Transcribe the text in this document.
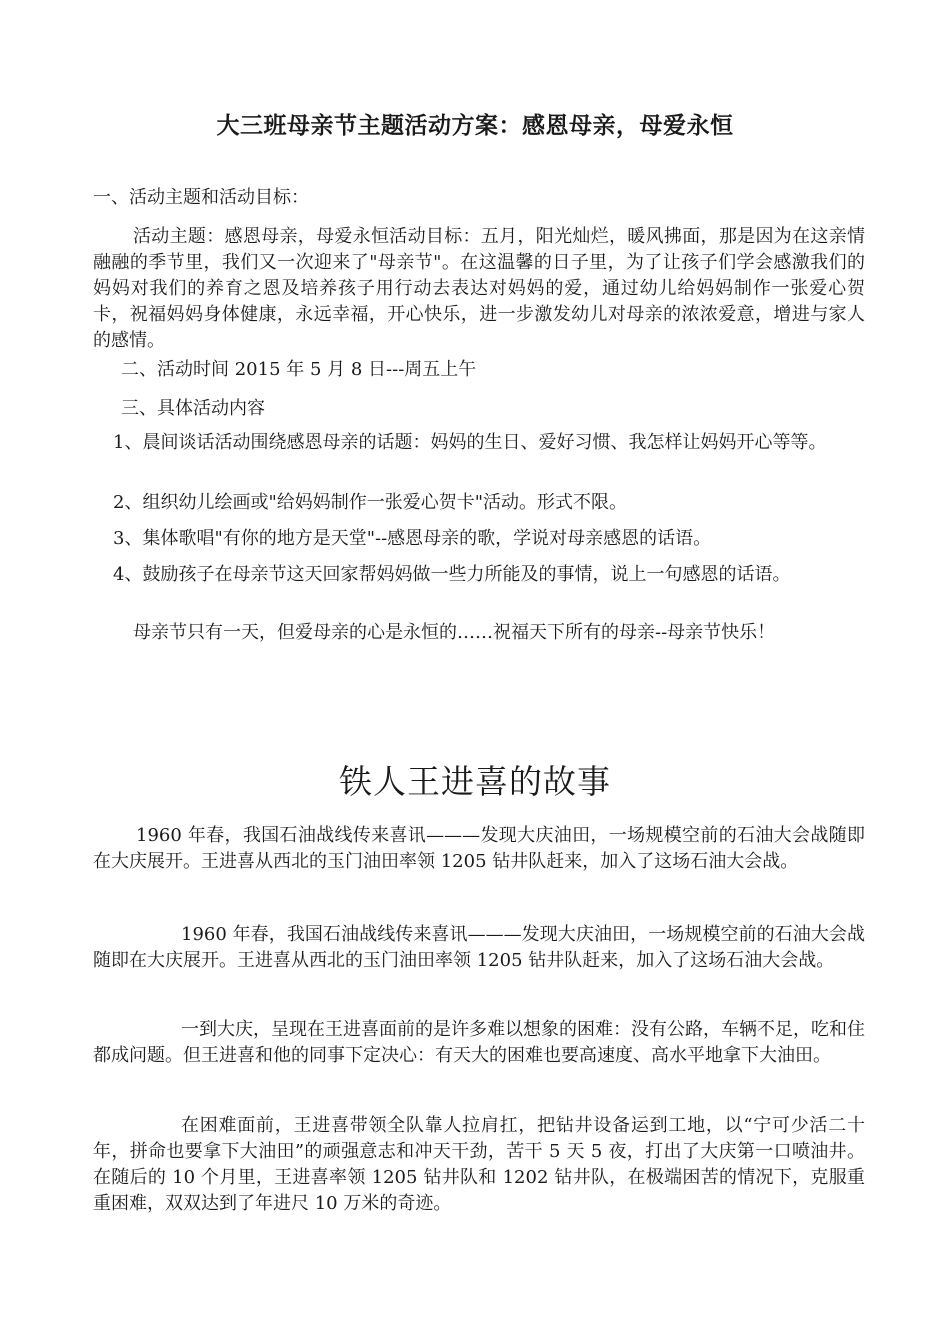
大三班母亲节主题活动方案：感恩母亲，母爱永恒

一、活动主题和活动目标：

活动主题：感恩母亲，母爱永恒活动目标：五月，阳光灿烂，暖风拂面，那是因为在这亲情融融的季节里，我们又一次迎来了"母亲节"。在这温馨的日子里，为了让孩子们学会感激我们的妈妈对我们的养育之恩及培养孩子用行动去表达对妈妈的爱，通过幼儿给妈妈制作一张爱心贺卡，祝福妈妈身体健康，永远幸福，开心快乐，进一步激发幼儿对母亲的浓浓爱意，增进与家人的感情。

二、活动时间 2015 年 5 月 8 日---周五上午

三、具体活动内容

1、晨间谈话活动围绕感恩母亲的话题：妈妈的生日、爱好习惯、我怎样让妈妈开心等等。

2、组织幼儿绘画或"给妈妈制作一张爱心贺卡"活动。形式不限。

3、集体歌唱"有你的地方是天堂"--感恩母亲的歌，学说对母亲感恩的话语。

4、鼓励孩子在母亲节这天回家帮妈妈做一些力所能及的事情，说上一句感恩的话语。

母亲节只有一天，但爱母亲的心是永恒的……祝福天下所有的母亲--母亲节快乐！

铁人王进喜的故事

1960 年春，我国石油战线传来喜讯———发现大庆油田，一场规模空前的石油大会战随即在大庆展开。王进喜从西北的玉门油田率领 1205 钻井队赶来，加入了这场石油大会战。

1960 年春，我国石油战线传来喜讯———发现大庆油田，一场规模空前的石油大会战随即在大庆展开。王进喜从西北的玉门油田率领 1205 钻井队赶来，加入了这场石油大会战。

一到大庆，呈现在王进喜面前的是许多难以想象的困难：没有公路，车辆不足，吃和住都成问题。但王进喜和他的同事下定决心：有天大的困难也要高速度、高水平地拿下大油田。

在困难面前，王进喜带领全队靠人拉肩扛，把钻井设备运到工地，以“宁可少活二十年，拼命也要拿下大油田”的顽强意志和冲天干劲，苦干 5 天 5 夜，打出了大庆第一口喷油井。在随后的 10 个月里，王进喜率领 1205 钻井队和 1202 钻井队，在极端困苦的情况下，克服重重困难，双双达到了年进尺 10 万米的奇迹。
